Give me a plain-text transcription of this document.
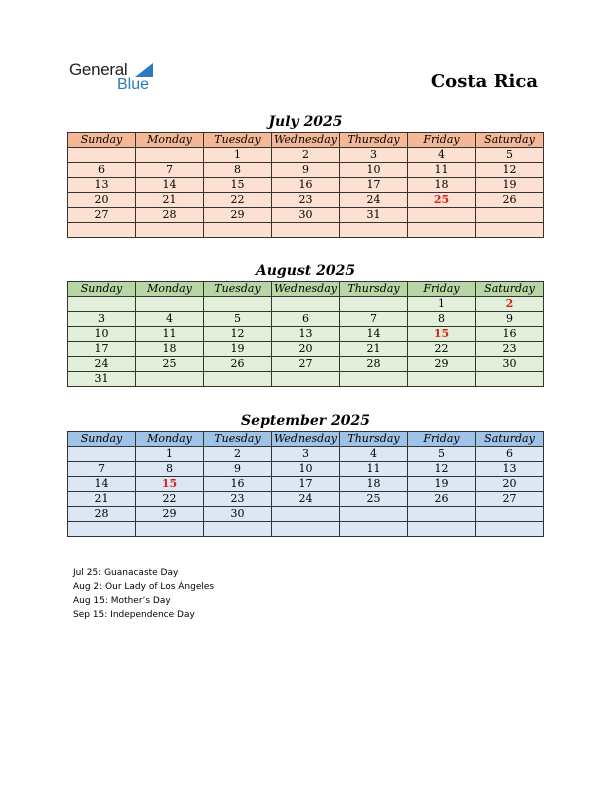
General
Blue	Costa Rica
July 2025
Sunday	Monday	Tuesday	Wednesday	Thursday	Friday	Saturday
		1	2	3	4	5
6	7	8	9	10	11	12
13	14	15	16	17	18	19
20	21	22	23	24	25	26
27	28	29	30	31		

August 2025
Sunday	Monday	Tuesday	Wednesday	Thursday	Friday	Saturday
					1	2
3	4	5	6	7	8	9
10	11	12	13	14	15	16
17	18	19	20	21	22	23
24	25	26	27	28	29	30
31						
September 2025
Sunday	Monday	Tuesday	Wednesday	Thursday	Friday	Saturday
	1	2	3	4	5	6
7	8	9	10	11	12	13
14	15	16	17	18	19	20
21	22	23	24	25	26	27
28	29	30				

Jul 25: Guanacaste Day
Aug 2: Our Lady of Los Ángeles
Aug 15: Mother’s Day
Sep 15: Independence Day
